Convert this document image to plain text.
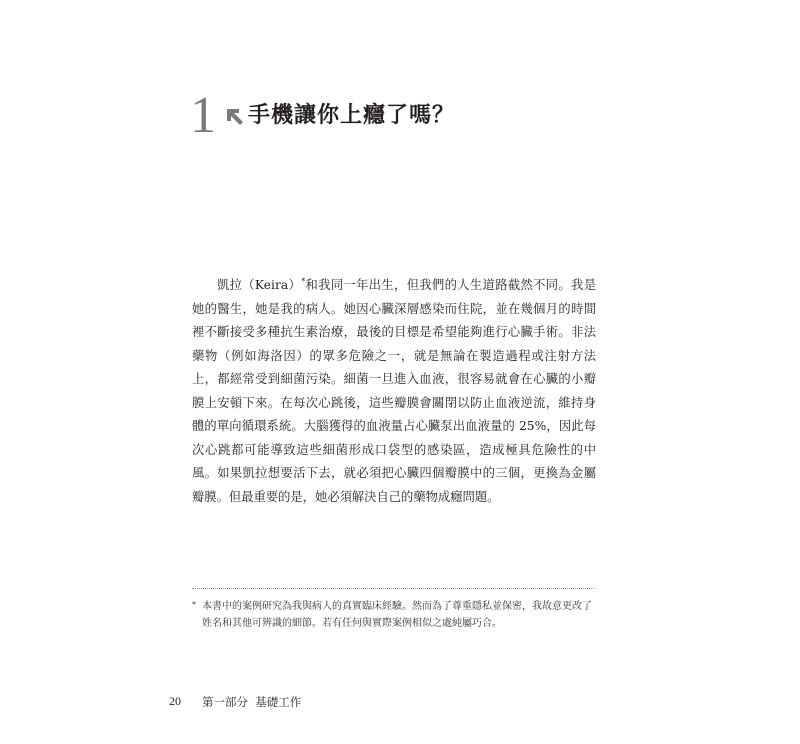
1 手機讓你上癮了嗎？

凱拉（Keira）*和我同一年出生，但我們的人生道路截然不同。我是她的醫生，她是我的病人。她因心臟深層感染而住院，並在幾個月的時間裡不斷接受多種抗生素治療，最後的目標是希望能夠進行心臟手術。非法藥物（例如海洛因）的眾多危險之一，就是無論在製造過程或注射方法上，都經常受到細菌污染。細菌一旦進入血液，很容易就會在心臟的小瓣膜上安頓下來。在每次心跳後，這些瓣膜會關閉以防止血液逆流，維持身體的單向循環系統。大腦獲得的血液量占心臟泵出血液量的 25%，因此每次心跳都可能導致這些細菌形成口袋型的感染區，造成極具危險性的中風。如果凱拉想要活下去，就必須把心臟四個瓣膜中的三個，更換為金屬瓣膜。但最重要的是，她必須解決自己的藥物成癮問題。

* 本書中的案例研究為我與病人的真實臨床經驗。然而為了尊重隱私並保密，我故意更改了姓名和其他可辨識的細節。若有任何與實際案例相似之處純屬巧合。
20 第一部分  基礎工作
